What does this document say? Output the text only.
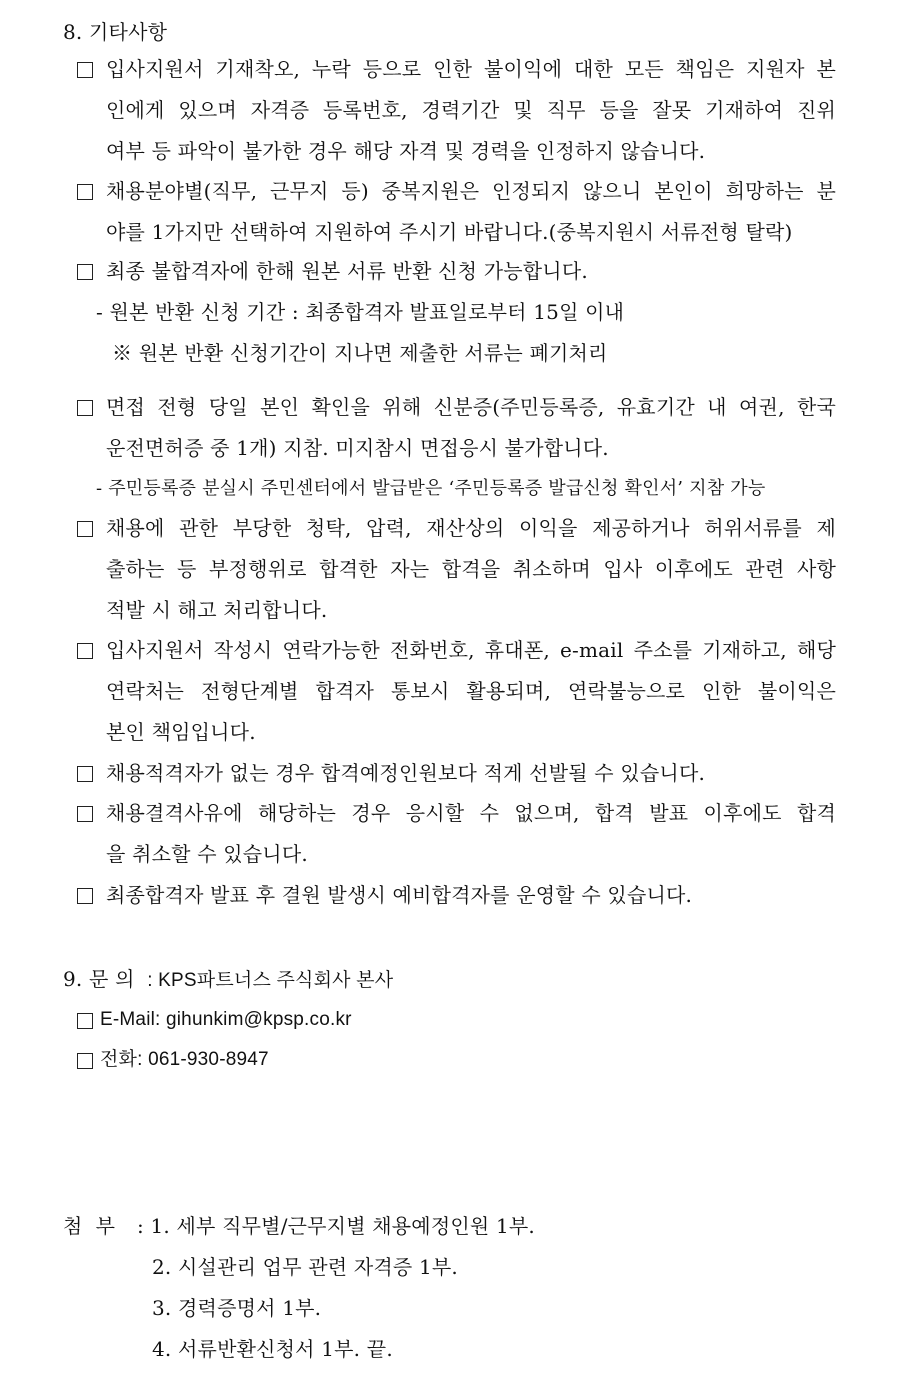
8. 기타사항
입사지원서 기재착오, 누락 등으로 인한 불이익에 대한 모든 책임은 지원자 본
인에게 있으며 자격증 등록번호, 경력기간 및 직무 등을 잘못 기재하여 진위
여부 등 파악이 불가한 경우 해당 자격 및 경력을 인정하지 않습니다.
채용분야별(직무, 근무지 등) 중복지원은 인정되지 않으니 본인이 희망하는 분
야를 1가지만 선택하여 지원하여 주시기 바랍니다.(중복지원시 서류전형 탈락)
최종 불합격자에 한해 원본 서류 반환 신청 가능합니다.
- 원본 반환 신청 기간 : 최종합격자 발표일로부터 15일 이내
※ 원본 반환 신청기간이 지나면 제출한 서류는 폐기처리
면접 전형 당일 본인 확인을 위해 신분증(주민등록증, 유효기간 내 여권, 한국
운전면허증 중 1개) 지참. 미지참시 면접응시 불가합니다.
- 주민등록증 분실시 주민센터에서 발급받은 ‘주민등록증 발급신청 확인서’ 지참 가능
채용에 관한 부당한 청탁, 압력, 재산상의 이익을 제공하거나 허위서류를 제
출하는 등 부정행위로 합격한 자는 합격을 취소하며 입사 이후에도 관련 사항
적발 시 해고 처리합니다.
입사지원서 작성시 연락가능한 전화번호, 휴대폰, e-mail 주소를 기재하고, 해당
연락처는 전형단계별 합격자 통보시 활용되며, 연락불능으로 인한 불이익은
본인 책임입니다.
채용적격자가 없는 경우 합격예정인원보다 적게 선발될 수 있습니다.
채용결격사유에 해당하는 경우 응시할 수 없으며, 합격 발표 이후에도 합격
을 취소할 수 있습니다.
최종합격자 발표 후 결원 발생시 예비합격자를 운영할 수 있습니다.
9. 문 의 : KPS파트너스 주식회사 본사
E-Mail: gihunkim@kpsp.co.kr
전화: 061-930-8947
첨  부 : 1. 세부 직무별/근무지별 채용예정인원 1부.
2. 시설관리 업무 관련 자격증 1부.
3. 경력증명서 1부.
4. 서류반환신청서 1부. 끝.
